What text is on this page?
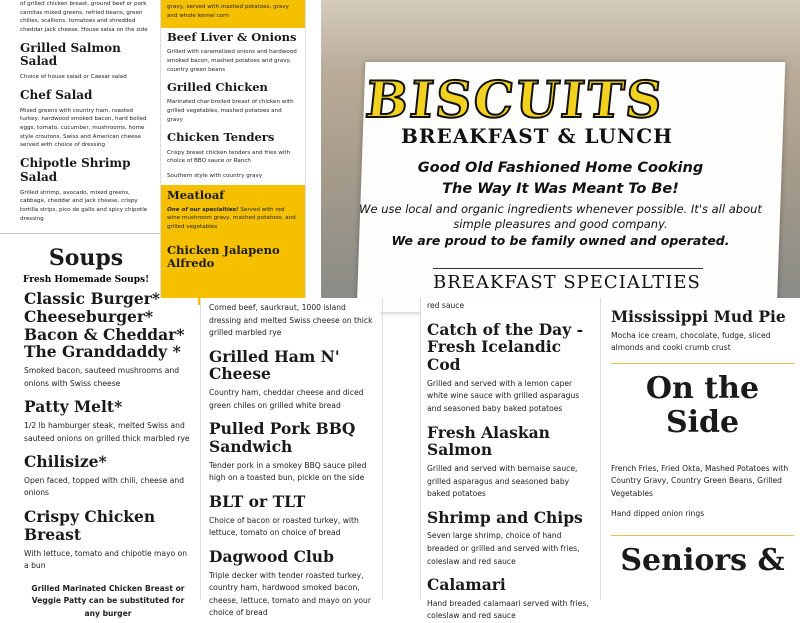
of grilled chicken breast, ground beef or pork carnitas mixed greens, refried beans, green chilies, scallions, tomatoes and shredded cheddar jack cheese. House salsa on the side
Grilled Salmon Salad
Choice of house salad or Caesar salad
Chef Salad
Mixed greens with country ham, roasted turkey, hardwood smoked bacon, hard boiled eggs, tomato, cucumber, mushrooms, home style croutons, Swiss and American cheese served with choice of dressing
Chipotle Shrimp Salad
Grilled shrimp, avocado, mixed greens, cabbage, cheddar and jack cheese, crispy tortilla strips, pico de gallo and spicy chipotle dressing
Soups
Fresh Homemade Soups!
gravy, served with mashed potatoes, gravy and whole kernel corn
Beef Liver & Onions
Grilled with caramelized onions and hardwood smoked bacon, mashed potatoes and gravy, country green beans
Grilled Chicken
Marinated char-broiled breast of chicken with grilled vegetables, mashed potatoes and gravy
Chicken Tenders
Crispy breast chicken tenders and fries with choice of BBQ sauce or Ranch
Southern style with country gravy
Meatloaf
One of our specialties! Served with red wine mushroom gravy, mashed potatoes, and grilled vegetables
Chicken Jalapeno Alfredo
BISCUITS
BREAKFAST & LUNCH
Good Old Fashioned Home Cooking
The Way It Was Meant To Be!
We use local and organic ingredients whenever possible. It's all about
simple pleasures and good company.
We are proud to be family owned and operated.
BREAKFAST SPECIALTIES
Classic Burger*
Cheeseburger*
Bacon & Cheddar*
The Granddaddy *
Smoked bacon, sauteed mushrooms and onions with Swiss cheese
Patty Melt*
1/2 lb hamburger steak, melted Swiss and sauteed onions on grilled thick marbled rye
Chilisize*
Open faced, topped with chili, cheese and onions
Crispy Chicken Breast
With lettuce, tomato and chipotle mayo on a bun
Grilled Marinated Chicken Breast or Veggie Patty can be substituted for any burger
Corned beef, saurkraut, 1000 island dressing and melted Swiss cheese on thick grilled marbled rye
Grilled Ham N' Cheese
Country ham, cheddar cheese and diced green chiles on grilled white bread
Pulled Pork BBQ Sandwich
Tender pork in a smokey BBQ sauce piled high on a toasted bun, pickle on the side
BLT or TLT
Choice of bacon or roasted turkey, with lettuce, tomato on choice of bread
Dagwood Club
Triple decker with tender roasted turkey, country ham, hardwood smoked bacon, cheese, lettuce, tomato and mayo on your choice of bread
red sauce
Catch of the Day - Fresh Icelandic Cod
Grilled and served with a lemon caper white wine sauce with grilled asparagus and seasoned baby baked potatoes
Fresh Alaskan Salmon
Grilled and served with bernaise sauce, grilled asparagus and seasoned baby baked potatoes
Shrimp and Chips
Seven large shrimp, choice of hand breaded or grilled and served with fries, coleslaw and red sauce
Calamari
Hand breaded calamaari served with fries, coleslaw and red sauce
Mississippi Mud Pie
Mocha ice cream, chocolate, fudge, sliced almonds and cooki crumb crust
On the Side
French Fries, Fried Okta, Mashed Potatoes with Country Gravy, Country Green Beans, Grilled Vegetables
Hand dipped onion rings
Seniors &
